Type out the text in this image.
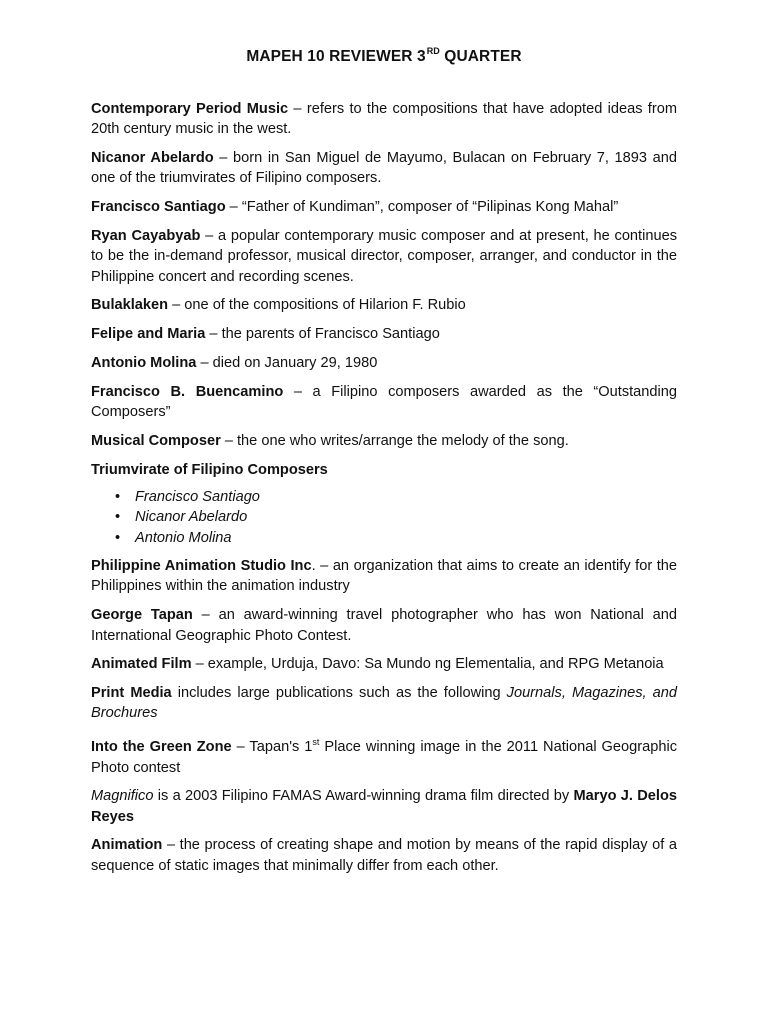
MAPEH 10 REVIEWER 3RD QUARTER

Contemporary Period Music – refers to the compositions that have adopted ideas from 20th century music in the west.

Nicanor Abelardo – born in San Miguel de Mayumo, Bulacan on February 7, 1893 and one of the triumvirates of Filipino composers.

Francisco Santiago – “Father of Kundiman”, composer of “Pilipinas Kong Mahal”

Ryan Cayabyab – a popular contemporary music composer and at present, he continues to be the in-demand professor, musical director, composer, arranger, and conductor in the Philippine concert and recording scenes.

Bulaklaken – one of the compositions of Hilarion F. Rubio

Felipe and Maria – the parents of Francisco Santiago

Antonio Molina – died on January 29, 1980

Francisco B. Buencamino – a Filipino composers awarded as the “Outstanding Composers”

Musical Composer – the one who writes/arrange the melody of the song.

Triumvirate of Filipino Composers
• Francisco Santiago
• Nicanor Abelardo
• Antonio Molina

Philippine Animation Studio Inc. – an organization that aims to create an identify for the Philippines within the animation industry

George Tapan – an award-winning travel photographer who has won National and International Geographic Photo Contest.

Animated Film – example, Urduja, Davo: Sa Mundo ng Elementalia, and RPG Metanoia

Print Media includes large publications such as the following Journals, Magazines, and Brochures

Into the Green Zone – Tapan's 1st Place winning image in the 2011 National Geographic Photo contest

Magnifico is a 2003 Filipino FAMAS Award-winning drama film directed by Maryo J. Delos Reyes

Animation – the process of creating shape and motion by means of the rapid display of a sequence of static images that minimally differ from each other.
